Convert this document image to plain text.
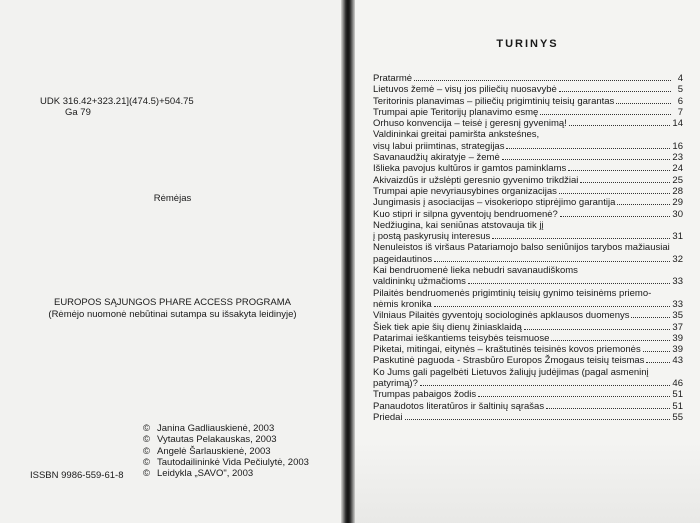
UDK 316.42+323.21](474.5)+504.75
Ga 79
Rėmėjas
EUROPOS SĄJUNGOS PHARE ACCESS PROGRAMA
(Rėmėjo nuomonė nebūtinai sutampa su išsakyta leidinyje)
© Janina Gadliauskienė, 2003
© Vytautas Pelakauskas, 2003
© Angelė Šarlauskienė, 2003
© Tautodailininkė Vida Pečiulytė, 2003
© Leidykla „SAVO", 2003
ISSBN 9986-559-61-8
TURINYS
Pratarmė	4
Lietuvos žemė – visų jos piliečių nuosavybė	5
Teritorinis planavimas – piliečių prigimtinių teisių garantas	6
Trumpai apie Teritorijų planavimo esmę	7
Orhuso konvencija – teisė į geresnį gyvenimą!	14
Valdininkai greitai pamiršta anksteśnes,
visų labui priimtinas, strategijas	16
Savanaudžių akiratyje – žemė	23
Išlieka pavojus kultūros ir gamtos paminklams	24
Akivaizdūs ir užslėpti geresnio gyvenimo trikdžiai	25
Trumpai apie nevyriausybines organizacijas	28
Jungimasis į asociacijas – visokeriopo stiprėjimo garantija	29
Kuo stipri ir silpna gyventojų bendruomenė?	30
Nedžiugina, kai seniūnas atstovauja tik jį
į postą paskyrusių interesus	31
Nenuleistos iš viršaus Patariamojo balso seniūnijos tarybos mažiausiai
pageidautinos	32
Kai bendruomenė lieka nebudri savanaudiškoms
valdininkų užmačioms	33
Pilaitės bendruomenės prigimtinių teisių gynimo teisinėms priemo-
nėmis kronika	33
Vilniaus Pilaitės gyventojų sociologinės apklausos duomenys	35
Šiek tiek apie šių dienų žiniasklaidą	37
Patarimai ieškantiems teisybės teismuose	39
Piketai, mitingai, eitynės – kraštutinės teisinės kovos priemonės	39
Paskutinė paguoda - Strasbūro Europos Žmogaus teisių teismas	43
Ko Jums gali pagelbėti Lietuvos žaliųjų judėjimas (pagal asmeninį
patyrimą)?	46
Trumpas pabaigos žodis	51
Panaudotos literatūros ir šaltinių sąrašas	51
Priedai	55
